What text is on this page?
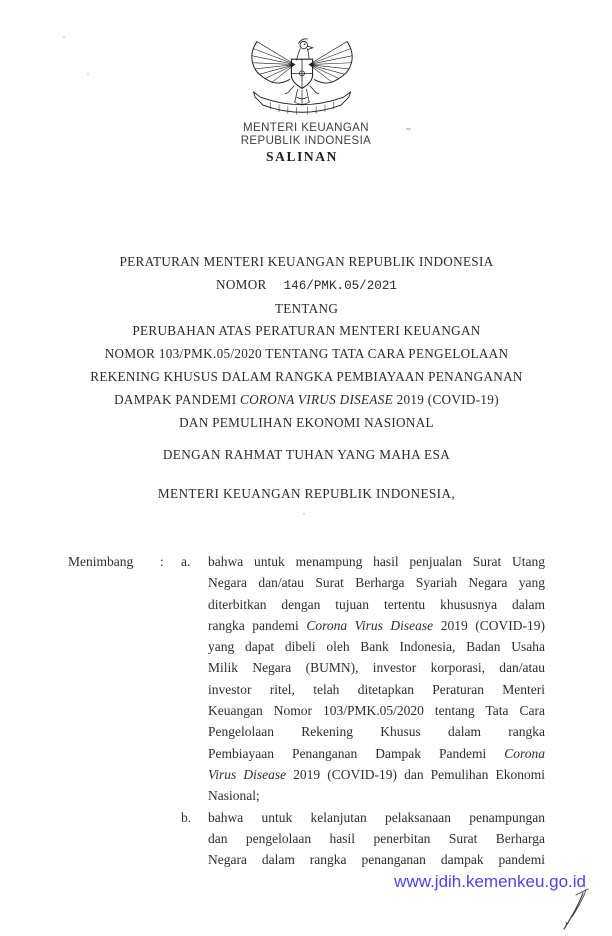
MENTERI KEUANGAN
REPUBLIK INDONESIA
SALINAN
PERATURAN MENTERI KEUANGAN REPUBLIK INDONESIA
NOMOR 146/PMK.05/2021
TENTANG
PERUBAHAN ATAS PERATURAN MENTERI KEUANGAN
NOMOR 103/PMK.05/2020 TENTANG TATA CARA PENGELOLAAN
REKENING KHUSUS DALAM RANGKA PEMBIAYAAN PENANGANAN
DAMPAK PANDEMI CORONA VIRUS DISEASE 2019 (COVID-19)
DAN PEMULIHAN EKONOMI NASIONAL
DENGAN RAHMAT TUHAN YANG MAHA ESA
MENTERI KEUANGAN REPUBLIK INDONESIA,
Menimbang	:	a.	bahwa untuk menampung hasil penjualan Surat Utang
Negara dan/atau Surat Berharga Syariah Negara yang
diterbitkan dengan tujuan tertentu khususnya dalam
rangka pandemi Corona Virus Disease 2019 (COVID-19)
yang dapat dibeli oleh Bank Indonesia, Badan Usaha
Milik Negara (BUMN), investor korporasi, dan/atau
investor ritel, telah ditetapkan Peraturan Menteri
Keuangan Nomor 103/PMK.05/2020 tentang Tata Cara
Pengelolaan Rekening Khusus dalam rangka
Pembiayaan Penanganan Dampak Pandemi Corona
Virus Disease 2019 (COVID-19) dan Pemulihan Ekonomi
Nasional;
b.	bahwa untuk kelanjutan pelaksanaan penampungan
dan pengelolaan hasil penerbitan Surat Berharga
Negara dalam rangka penanganan dampak pandemi
www.jdih.kemenkeu.go.id
